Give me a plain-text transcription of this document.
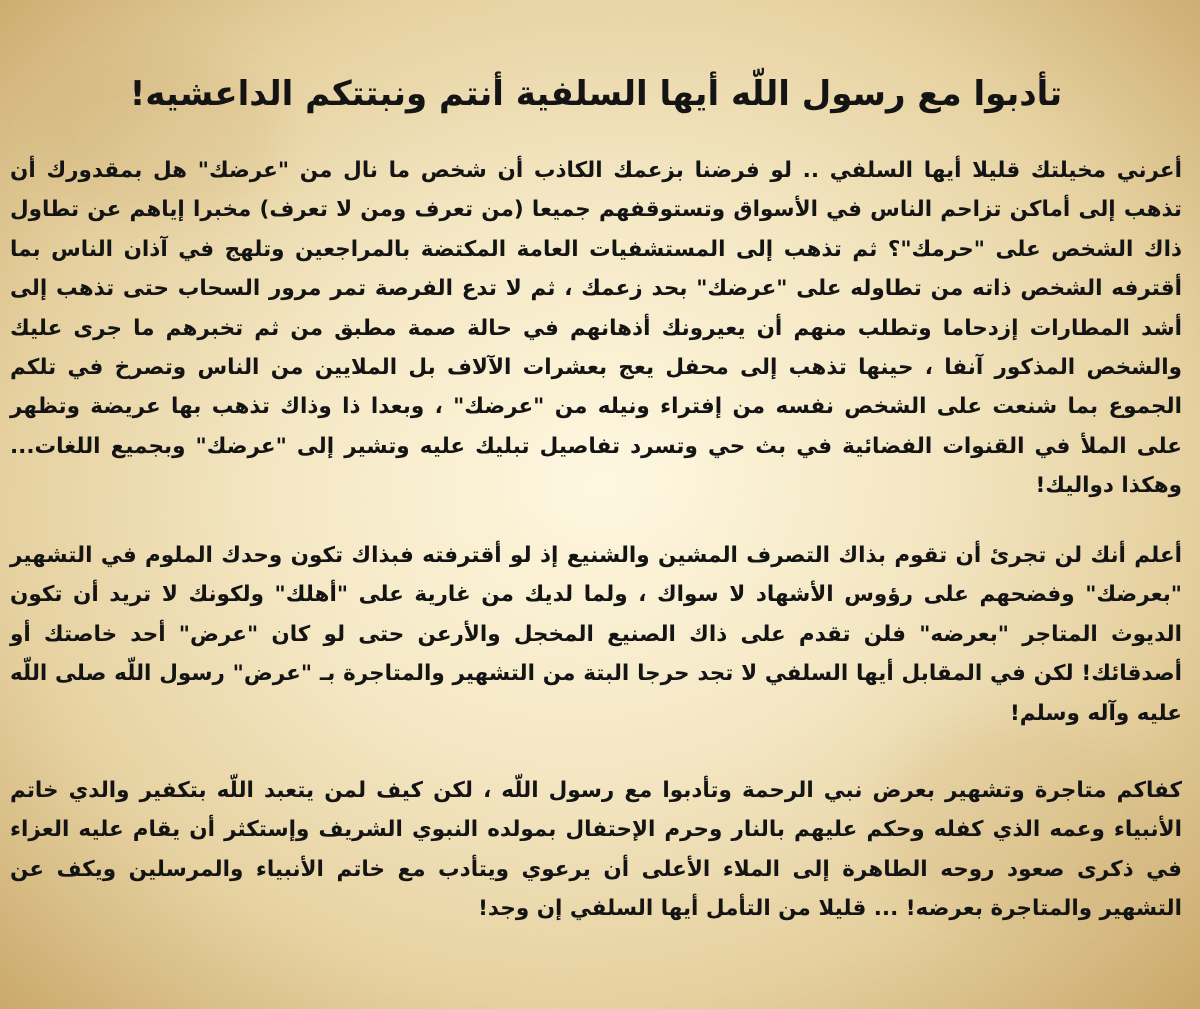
تأدبوا مع رسول اللّه أيها السلفية أنتم ونبتتكم الداعشيه!

أعرني مخيلتك قليلا أيها السلفي .. لو فرضنا بزعمك الكاذب أن شخص ما نال من "عرضك" هل بمقدورك أن تذهب إلى أماكن تزاحم الناس في الأسواق وتستوقفهم جميعا (من تعرف ومن لا تعرف) مخبرا إياهم عن تطاول ذاك الشخص على "حرمك"؟ ثم تذهب إلى المستشفيات العامة المكتضة بالمراجعين وتلهج في آذان الناس بما أقترفه الشخص ذاته من تطاوله على "عرضك" بحد زعمك ، ثم لا تدع الفرصة تمر مرور السحاب حتى تذهب إلى أشد المطارات إزدحاما وتطلب منهم أن يعيرونك أذهانهم في حالة صمة مطبق من ثم تخبرهم ما جرى عليك والشخص المذكور آنفا ، حينها تذهب إلى محفل يعج بعشرات الآلاف بل الملايين من الناس وتصرخ في تلكم الجموع بما شنعت على الشخص نفسه من إفتراء ونيله من "عرضك" ، وبعدا ذا وذاك تذهب بها عريضة وتظهر على الملأ في القنوات الفضائية في بث حي وتسرد تفاصيل تبليك عليه وتشير إلى "عرضك" وبجميع اللغات... وهكذا دواليك!

أعلم أنك لن تجرئ أن تقوم بذاك التصرف المشين والشنيع إذ لو أقترفته فبذاك تكون وحدك الملوم في التشهير "بعرضك" وفضحهم على رؤوس الأشهاد لا سواك ، ولما لديك من غارية على "أهلك" ولكونك لا تريد أن تكون الديوث المتاجر "بعرضه" فلن تقدم على ذاك الصنيع المخجل والأرعن حتى لو كان "عرض" أحد خاصتك أو أصدقائك! لكن في المقابل أيها السلفي لا تجد حرجا البتة من التشهير والمتاجرة بـ "عرض" رسول اللّه صلى اللّه عليه وآله وسلم!

كفاكم متاجرة وتشهير بعرض نبي الرحمة وتأدبوا مع رسول اللّه ، لكن كيف لمن يتعبد اللّه بتكفير والدي خاتم الأنبياء وعمه الذي كفله وحكم عليهم بالنار وحرم الإحتفال بمولده النبوي الشريف وإستكثر أن يقام عليه العزاء في ذكرى صعود روحه الطاهرة إلى الملاء الأعلى أن يرعوي ويتأدب مع خاتم الأنبياء والمرسلين ويكف عن التشهير والمتاجرة بعرضه! ... قليلا من التأمل أيها السلفي إن وجد!
